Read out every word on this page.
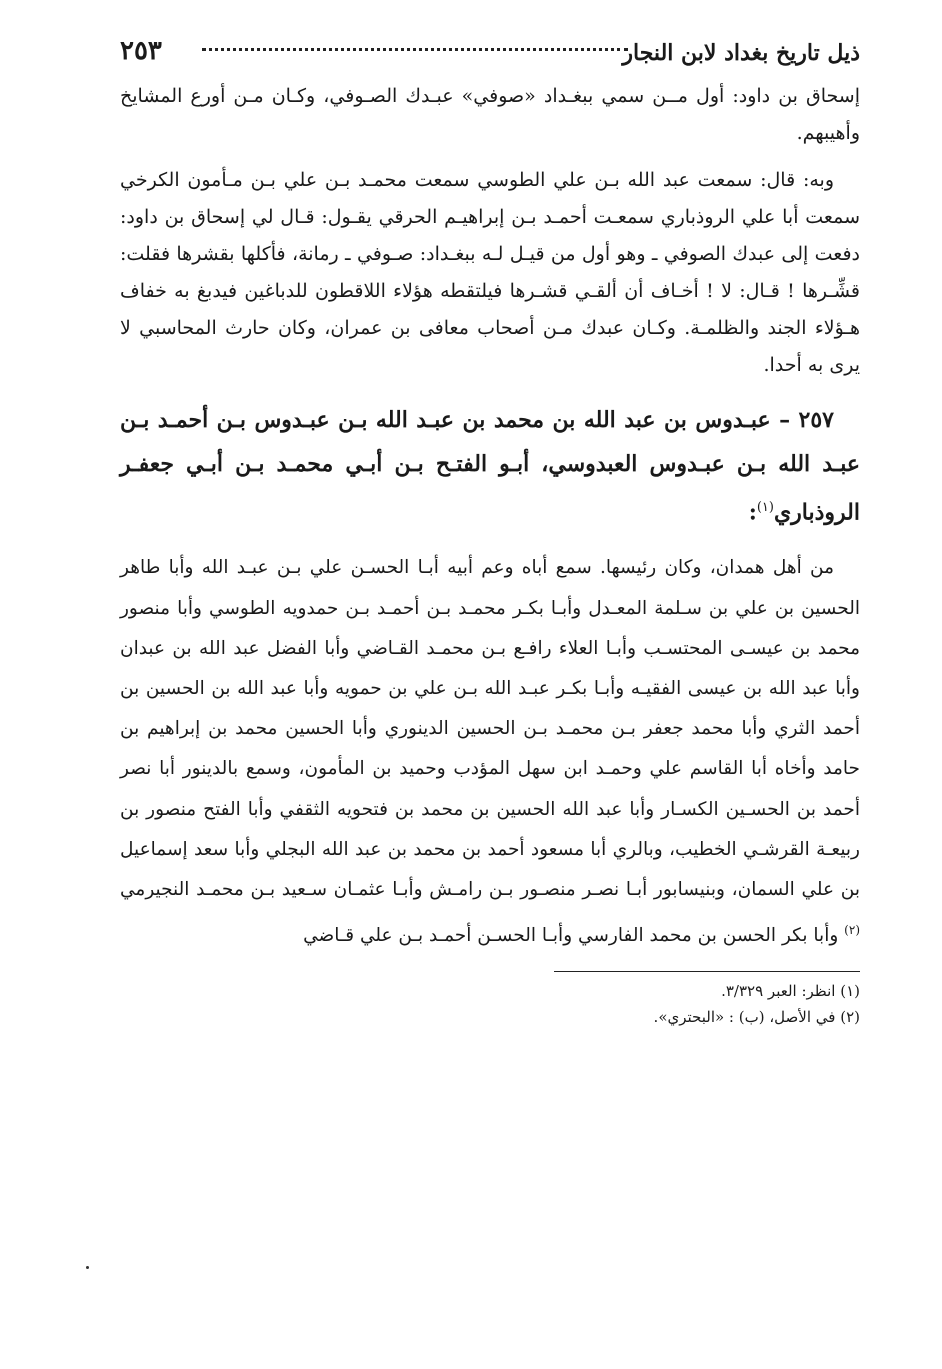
ذيل تاريخ بغداد لابن النجار
٢٥٣

إسحاق بن داود: أول مــن سمي ببغـداد «صوفي» عبـدك الصـوفي، وكـان مـن أورع المشايخ وأهيبهم.

وبه: قال: سمعت عبد الله بـن علي الطوسي سمعت محمـد بـن علي بـن مـأمون الكرخي سمعت أبا علي الروذباري سمعـت أحمـد بـن إبراهيـم الحرقي يقـول: قـال لي إسحاق بن داود: دفعت إلى عبدك الصوفي ـ وهو أول من قيـل لـه ببغـداد: صـوفي ـ رمانة، فأكلها بقشرها فقلت: قشِّـرها ! قـال: لا ! أخـاف أن ألقـي قشـرها فيلتقطه هؤلاء اللاقطون للدباغين فيدبغ به خفاف هـؤلاء الجند والظلمـة. وكـان عبدك مـن أصحاب معافى بن عمران، وكان حارث المحاسبي لا يرى به أحدا.

٢٥٧ – عبـدوس بن عبد الله بن محمد بن عبـد الله بـن عبـدوس بـن أحمـد بـن عبـد الله بـن عبـدوس العبدوسي، أبـو الفتـح بـن أبـي محمـد بـن أبـي جعفـر الروذباري$^{(١)}$:
من أهل همدان، وكان رئيسها. سمع أباه وعم أبيه أبـا الحسـن علي بـن عبـد الله وأبا طاهر الحسين بن علي بن سـلمة المعـدل وأبـا بكـر محمـد بـن أحمـد بـن حمدويه الطوسي وأبا منصور محمد بن عيسـى المحتسـب وأبـا العلاء رافـع بـن محمـد القـاضي وأبا الفضل عبد الله بن عبدان وأبا عبد الله بن عيسى الفقيـه وأبـا بكـر عبـد الله بـن علي بن حمويه وأبا عبد الله بن الحسين بن أحمد الثري وأبا محمد جعفر بـن محمـد بـن الحسين الدينوري وأبا الحسين محمد بن إبراهيم بن حامد وأخاه أبا القاسم علي وحمـد ابن سهل المؤدب وحميد بن المأمون، وسمع بالدينور أبا نصر أحمد بن الحسـين الكسـار وأبا عبد الله الحسين بن محمد بن فتحويه الثقفي وأبا الفتح منصور بن ربيعـة القرشـي الخطيب، وبالري أبا مسعود أحمد بن محمد بن عبد الله البجلي وأبا سعد إسماعيل بن علي السمان، وبنيسابور أبـا نصـر منصـور بـن رامـش وأبـا عثمـان سـعيد بـن محمـد النجيرمي $^{(٢)}$ وأبا بكر الحسن بن محمد الفارسي وأبـا الحسـن أحمـد بـن علي قـاضي
(١) انظر: العبر ٣/٣٢٩.
(٢) في الأصل، (ب) : «البحتري».
